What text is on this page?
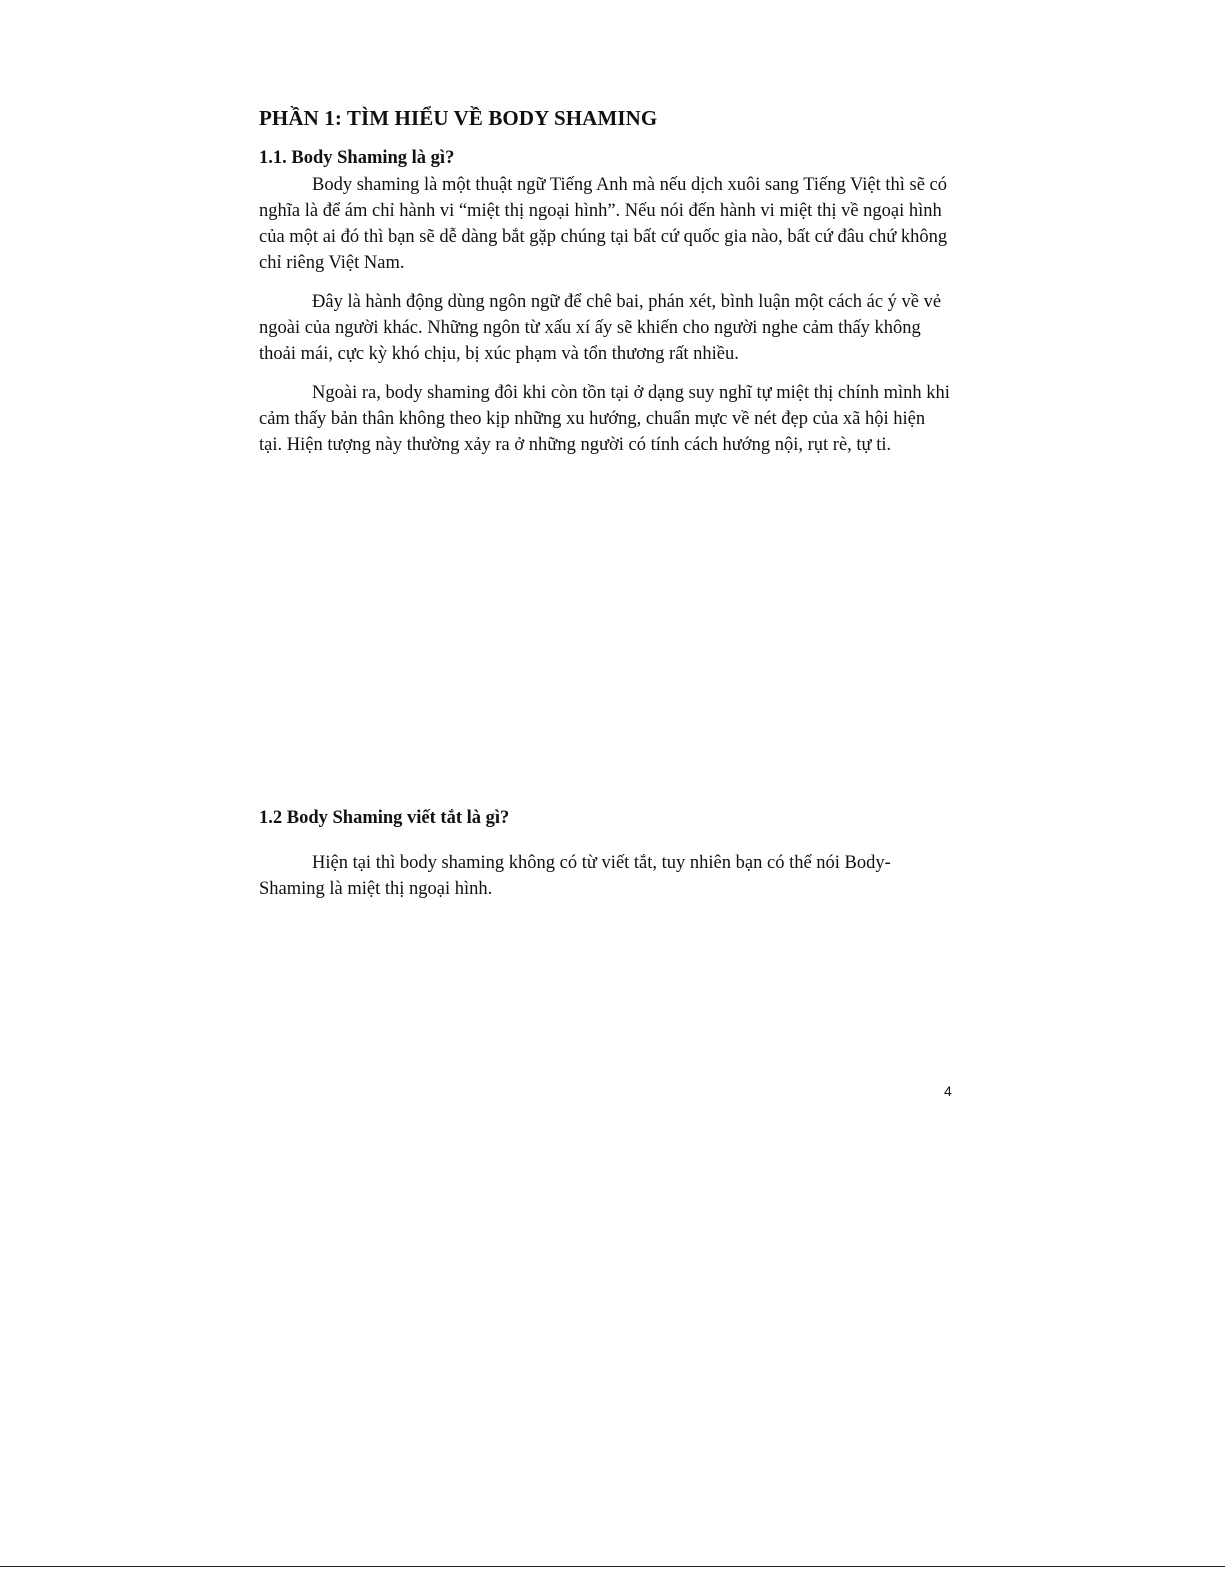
PHẦN 1: TÌM HIỂU VỀ BODY SHAMING
1.1. Body Shaming là gì?

Body shaming là một thuật ngữ Tiếng Anh mà nếu dịch xuôi sang Tiếng Việt thì sẽ có nghĩa là để ám chỉ hành vi “miệt thị ngoại hình”. Nếu nói đến hành vi miệt thị về ngoại hình của một ai đó thì bạn sẽ dễ dàng bắt gặp chúng tại bất cứ quốc gia nào, bất cứ đâu chứ không chỉ riêng Việt Nam.

Đây là hành động dùng ngôn ngữ để chê bai, phán xét, bình luận một cách ác ý về vẻ ngoài của người khác. Những ngôn từ xấu xí ấy sẽ khiến cho người nghe cảm thấy không thoải mái, cực kỳ khó chịu, bị xúc phạm và tổn thương rất nhiều.

Ngoài ra, body shaming đôi khi còn tồn tại ở dạng suy nghĩ tự miệt thị chính mình khi cảm thấy bản thân không theo kịp những xu hướng, chuẩn mực về nét đẹp của xã hội hiện tại. Hiện tượng này thường xảy ra ở những người có tính cách hướng nội, rụt rè, tự ti.

1.2 Body Shaming viết tắt là gì?

Hiện tại thì body shaming không có từ viết tắt, tuy nhiên bạn có thể nói Body-Shaming là miệt thị ngoại hình.

4
